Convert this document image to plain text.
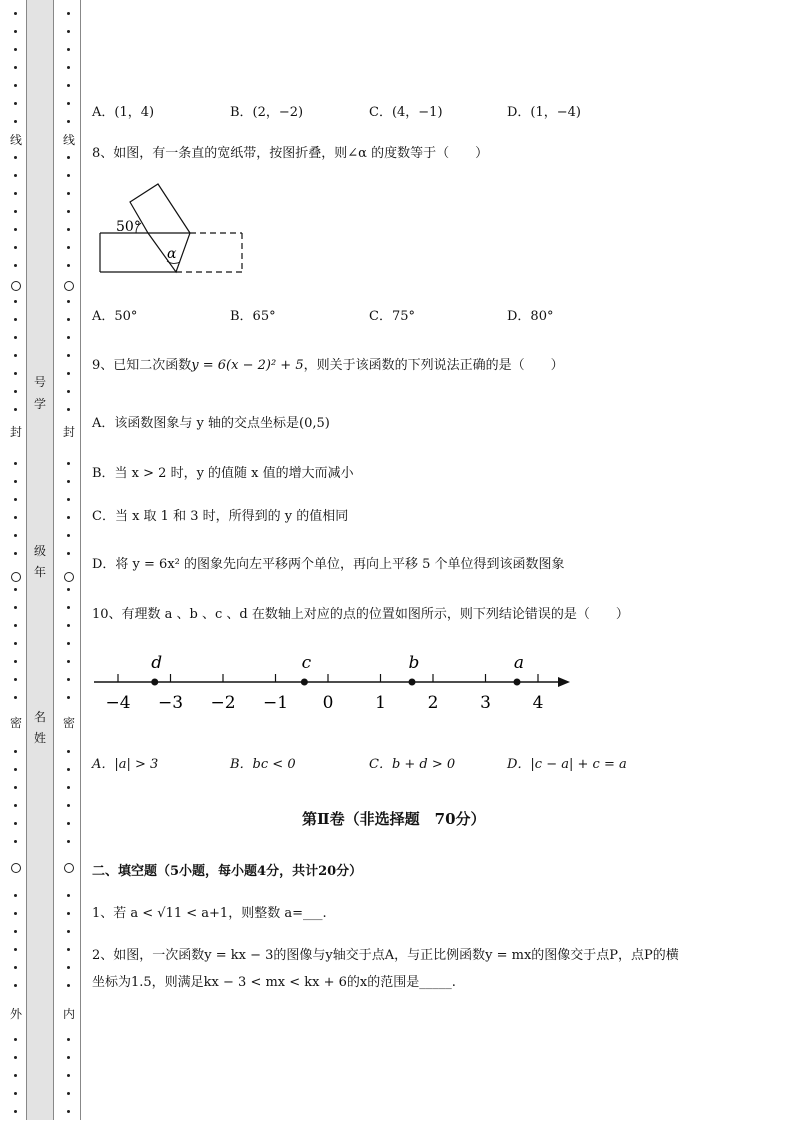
号
学
级
年
名
姓
线
封
密
外
线
封
密
内
A．(1，4)	B．(2，−2)	C．(4，−1)	D．(1，−4)
8、如图，有一条直的宽纸带，按图折叠，则∠α 的度数等于（　　）
50°
α
A．50°	B．65°	C．75°	D．80°
9、已知二次函数y = 6(x − 2)² + 5，则关于该函数的下列说法正确的是（　　）
A．该函数图象与 y 轴的交点坐标是(0,5)
B．当 x > 2 时，y 的值随 x 值的增大而减小
C．当 x 取 1 和 3 时，所得到的 y 的值相同
D．将 y = 6x² 的图象先向左平移两个单位，再向上平移 5 个单位得到该函数图象
10、有理数 a 、b 、c 、d 在数轴上对应的点的位置如图所示，则下列结论错误的是（　　）
−4 −3 −2 −1 0 1 2 3 4
d	c	b	a
A．|a| > 3	B．bc < 0	C．b + d > 0	D．|c − a| + c = a
第Ⅱ卷（非选择题　70分）
二、填空题（5小题，每小题4分，共计20分）
1、若 a < √11 < a+1，则整数 a=___.
2、如图，一次函数y = kx − 3的图像与y轴交于点A，与正比例函数y = mx的图像交于点P，点P的横
坐标为1.5，则满足kx − 3 < mx < kx + 6的x的范围是_____.
